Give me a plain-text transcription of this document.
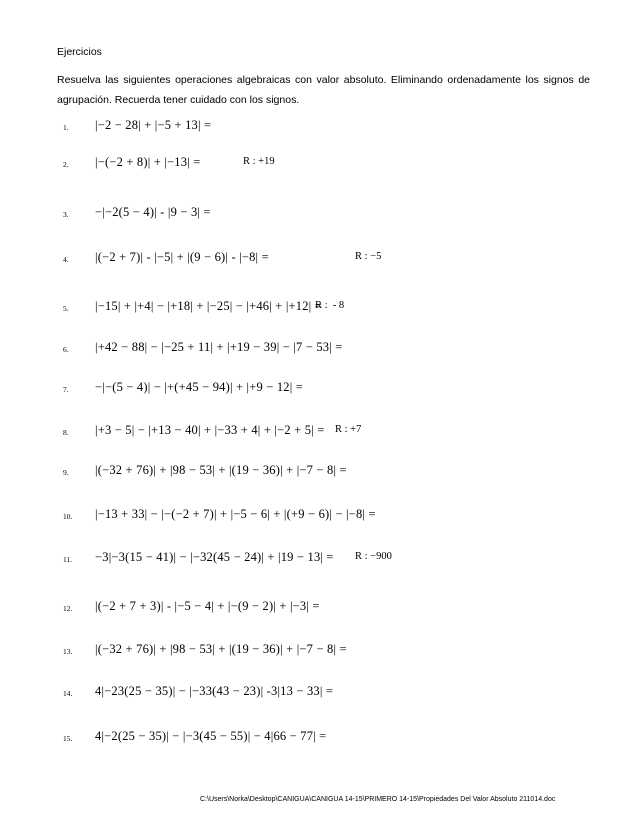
Ejercicios
Resuelva las siguientes operaciones algebraicas con valor absoluto. Eliminando ordenadamente los signos de agrupación. Recuerda tener cuidado con los signos.
1. |−2 − 28| + |−5 + 13| =
2. |−(−2 + 8)| + |−13| =	R : +19
3. −|−2(5 − 4)| - |9 − 3| =
4. |(−2 + 7)| - |−5| + |(9 − 6)| - |−8| =	R : −5
5. |−15| + |+4| − |+18| + |−25| − |+46| + |+12| =
R :  - 8
6. |+42 − 88| − |−25 + 11| + |+19 − 39| − |7 − 53| =
7. −|−(5 − 4)| − |+(+45 − 94)| + |+9 − 12| =
8. |+3 − 5| − |+13 − 40| + |−33 + 4| + |−2 + 5| = R : +7
9. |(−32 + 76)| + |98 − 53| + |(19 − 36)| + |−7 − 8| =
10. |−13 + 33| − |−(−2 + 7)| + |−5 − 6| + |(+9 − 6)| − |−8| =
11. −3|−3(15 − 41)| − |−32(45 − 24)| + |19 − 13| = R : −900
12. |(−2 + 7 + 3)| - |−5 − 4| + |−(9 − 2)| + |−3| =
13. |(−32 + 76)| + |98 − 53| + |(19 − 36)| + |−7 − 8| =
14. 4|−23(25 − 35)| − |−33(43 − 23)| -3|13 − 33| =
15. 4|−2(25 − 35)| − |−3(45 − 55)| − 4|66 − 77| =
C:\Users\Norka\Desktop\CANIGUA\CANIGUA 14-15\PRIMERO 14-15\Propiedades Del Valor Absoluto 211014.doc
